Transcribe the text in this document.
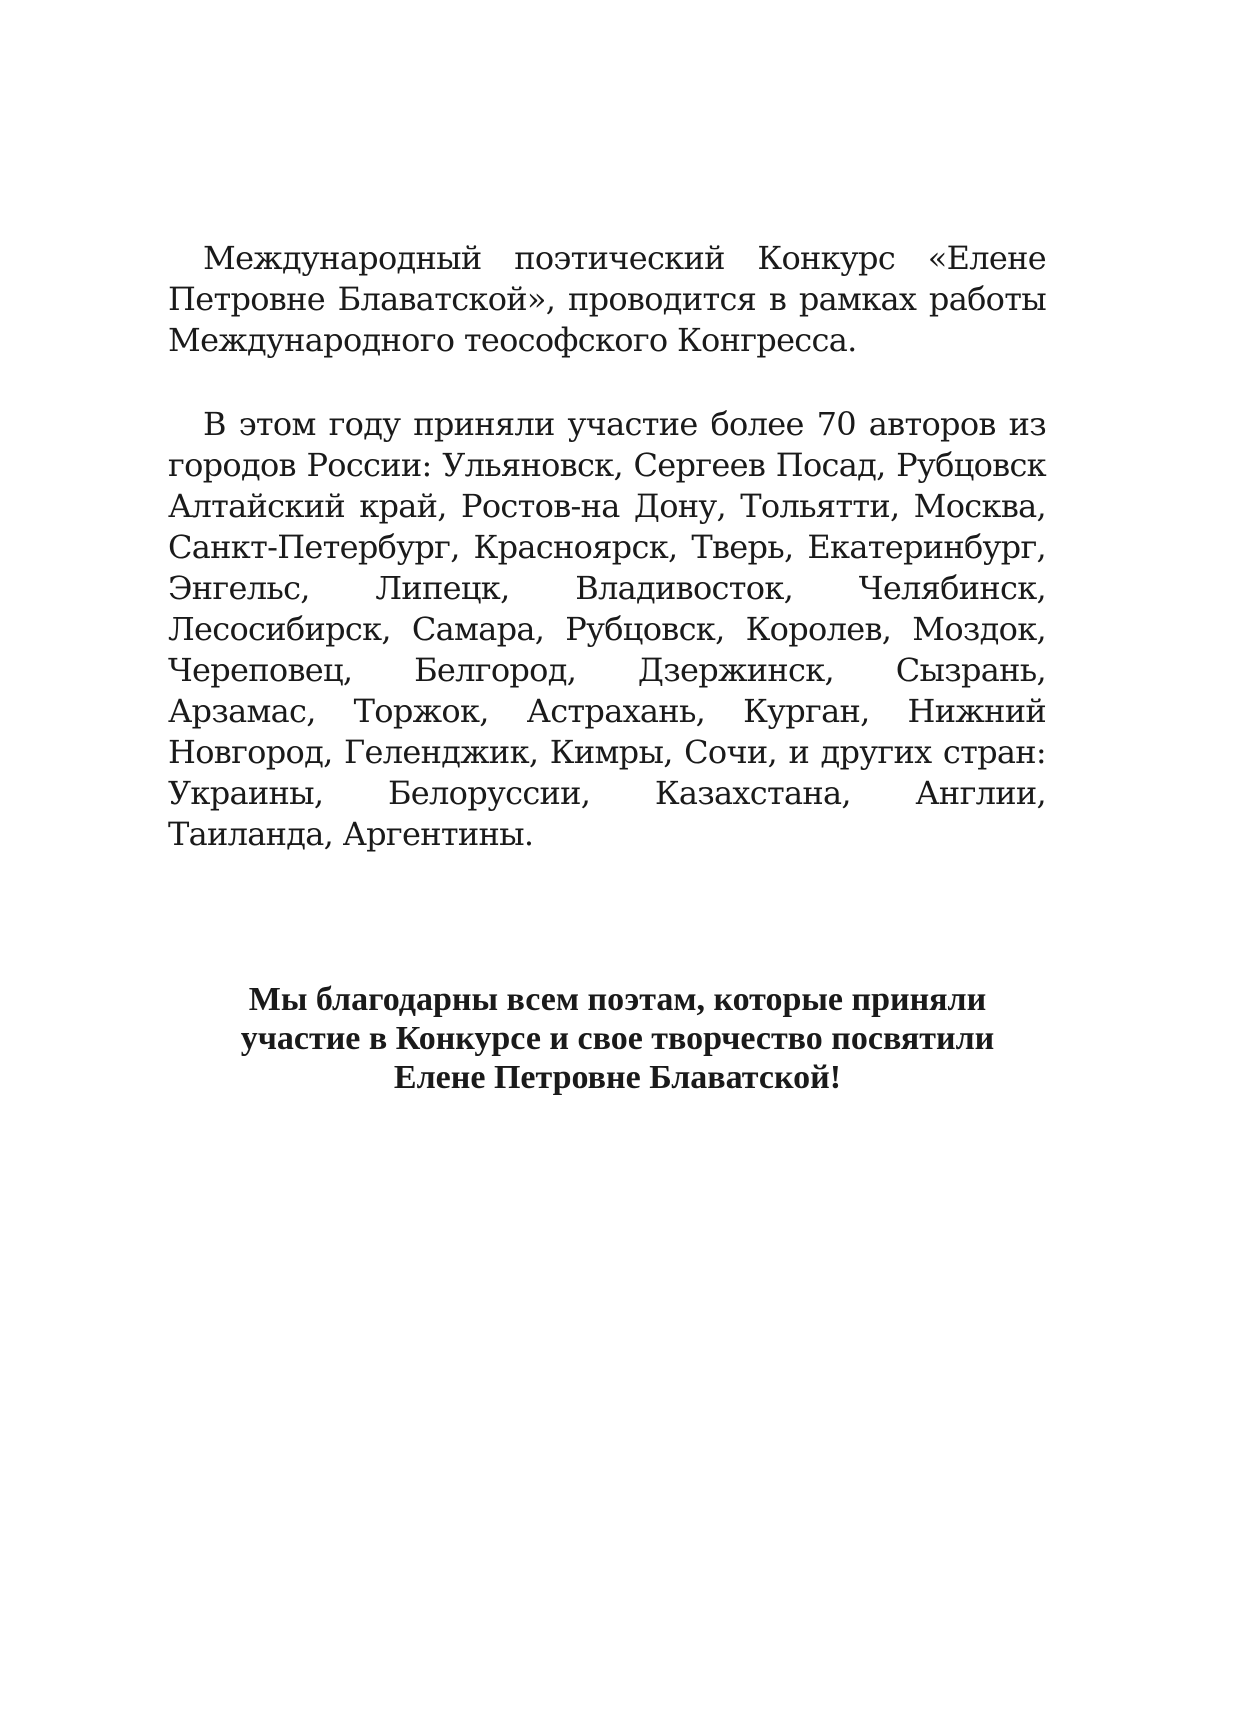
Международный поэтический Конкурс «Елене Петровне Блаватской», проводится в рамках работы Международного теософского Конгресса.

В этом году приняли участие более 70 авторов из городов России: Ульяновск, Сергеев Посад, Рубцовск Алтайский край, Ростов-на Дону, Тольятти, Москва, Санкт-Петербург, Красноярск, Тверь, Екатеринбург, Энгельс, Липецк, Владивосток, Челябинск, Лесосибирск, Самара, Рубцовск, Королев, Моздок, Череповец, Белгород, Дзержинск, Сызрань, Арзамас, Торжок, Астрахань, Курган, Нижний Новгород, Геленджик, Кимры, Сочи, и других стран: Украины, Белоруссии, Казахстана, Англии, Таиланда, Аргентины.

Мы благодарны всем поэтам, которые приняли
участие в Конкурсе и свое творчество посвятили
Елене Петровне Блаватской!
